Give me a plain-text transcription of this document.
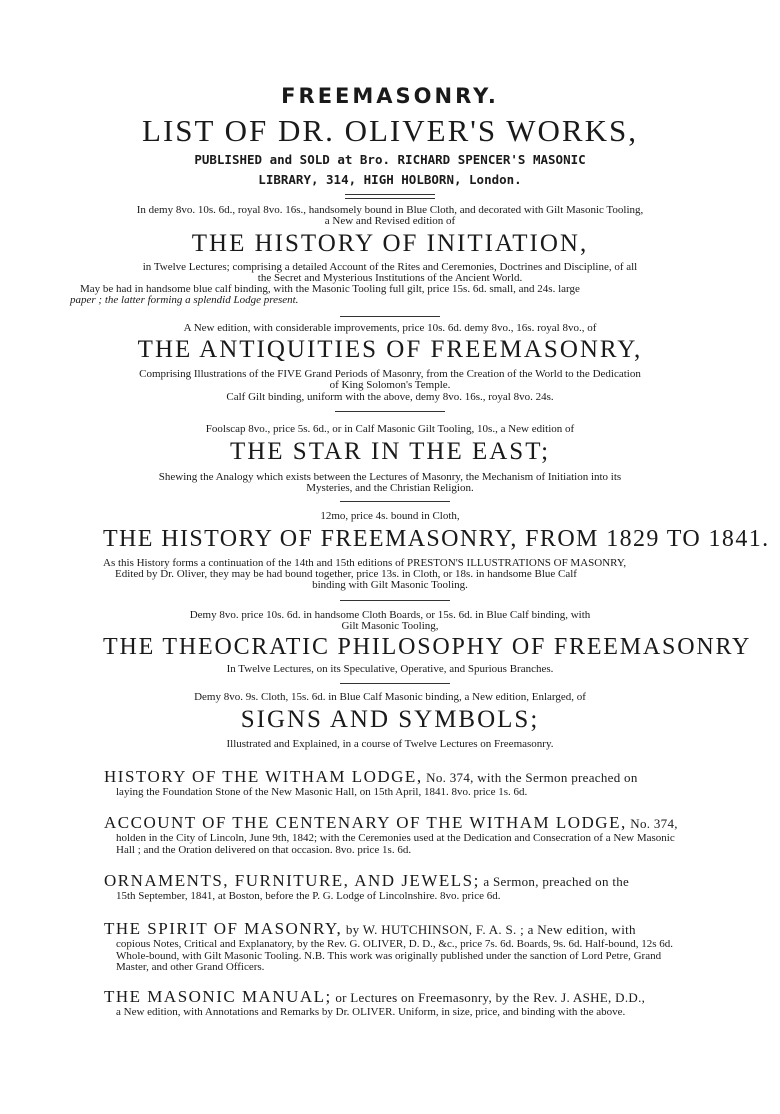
FREEMASONRY.
LIST OF DR. OLIVER'S WORKS,
PUBLISHED and SOLD at Bro. RICHARD SPENCER'S MASONIC
LIBRARY, 314, HIGH HOLBORN, London.

In demy 8vo. 10s. 6d., royal 8vo. 16s., handsomely bound in Blue Cloth, and decorated with Gilt Masonic Tooling,

a New and Revised edition of

THE HISTORY OF INITIATION,

in Twelve Lectures; comprising a detailed Account of the Rites and Ceremonies, Doctrines and Discipline, of all

the Secret and Mysterious Institutions of the Ancient World.

May be had in handsome blue calf binding, with the Masonic Tooling full gilt, price 15s. 6d. small, and 24s. large

paper ; the latter forming a splendid Lodge present.

A New edition, with considerable improvements, price 10s. 6d. demy 8vo., 16s. royal 8vo., of

THE ANTIQUITIES OF FREEMASONRY,

Comprising Illustrations of the FIVE Grand Periods of Masonry, from the Creation of the World to the Dedication

of King Solomon's Temple.

Calf Gilt binding, uniform with the above, demy 8vo. 16s., royal 8vo. 24s.

Foolscap 8vo., price 5s. 6d., or in Calf Masonic Gilt Tooling, 10s., a New edition of

THE STAR IN THE EAST;

Shewing the Analogy which exists between the Lectures of Masonry, the Mechanism of Initiation into its

Mysteries, and the Christian Religion.

12mo, price 4s. bound in Cloth,

THE HISTORY OF FREEMASONRY, FROM 1829 TO 1841.

As this History forms a continuation of the 14th and 15th editions of PRESTON'S ILLUSTRATIONS OF MASONRY,

Edited by Dr. Oliver, they may be had bound together, price 13s. in Cloth, or 18s. in handsome Blue Calf

binding with Gilt Masonic Tooling.

Demy 8vo. price 10s. 6d. in handsome Cloth Boards, or 15s. 6d. in Blue Calf binding, with

Gilt Masonic Tooling,

THE THEOCRATIC PHILOSOPHY OF FREEMASONRY

In Twelve Lectures, on its Speculative, Operative, and Spurious Branches.

Demy 8vo. 9s. Cloth, 15s. 6d. in Blue Calf Masonic binding, a New edition, Enlarged, of

SIGNS AND SYMBOLS;

Illustrated and Explained, in a course of Twelve Lectures on Freemasonry.

HISTORY OF THE WITHAM LODGE, No. 374, with the Sermon preached on
laying the Foundation Stone of the New Masonic Hall, on 15th April, 1841. 8vo. price 1s. 6d.
ACCOUNT OF THE CENTENARY OF THE WITHAM LODGE, No. 374,
holden in the City of Lincoln, June 9th, 1842; with the Ceremonies used at the Dedication and Consecration of a New Masonic Hall ; and the Oration delivered on that occasion. 8vo. price 1s. 6d.
ORNAMENTS, FURNITURE, AND JEWELS; a Sermon, preached on the
15th September, 1841, at Boston, before the P. G. Lodge of Lincolnshire. 8vo. price 6d.
THE SPIRIT OF MASONRY, by W. HUTCHINSON, F. A. S. ; a New edition, with
copious Notes, Critical and Explanatory, by the Rev. G. OLIVER, D. D., &c., price 7s. 6d. Boards, 9s. 6d. Half-bound, 12s 6d. Whole-bound, with Gilt Masonic Tooling. N.B. This work was originally published under the sanction of Lord Petre, Grand Master, and other Grand Officers.
THE MASONIC MANUAL; or Lectures on Freemasonry, by the Rev. J. ASHE, D.D.,
a New edition, with Annotations and Remarks by Dr. OLIVER. Uniform, in size, price, and binding with the above.
